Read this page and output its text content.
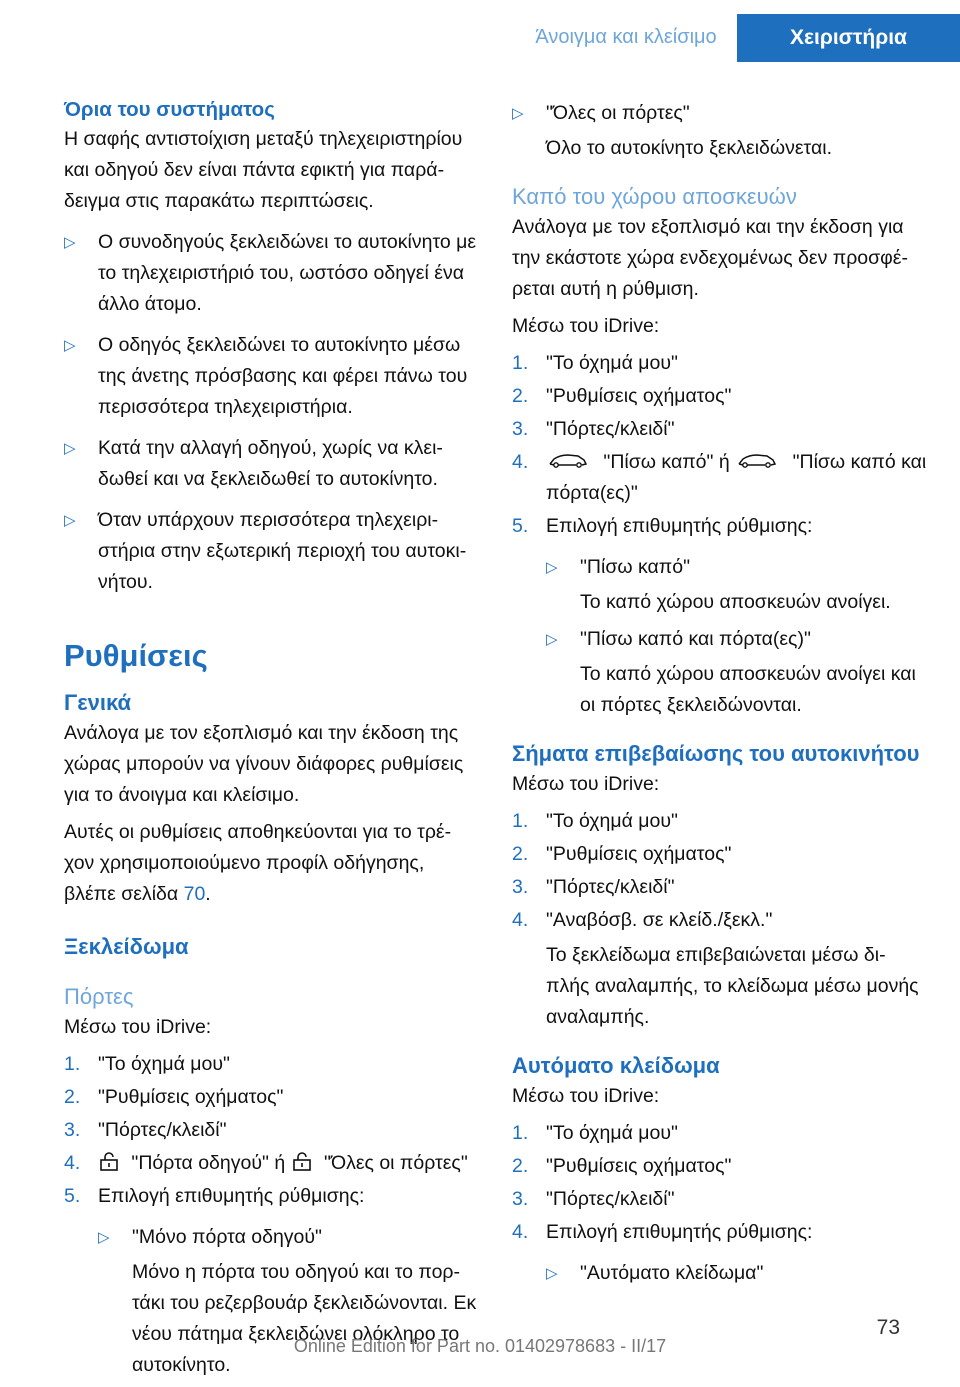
Άνοιγμα και κλείσιμο	Χειριστήρια
Όρια του συστήματος

Η σαφής αντιστοίχιση μεταξύ τηλεχειριστηρίου και οδηγού δεν είναι πάντα εφικτή για παρά- δειγμα στις παρακάτω περιπτώσεις.

▷	Ο συνοδηγούς ξεκλειδώνει το αυτοκίνητο με το τηλεχειριστήριό του, ωστόσο οδηγεί ένα άλλο άτομο.
▷	Ο οδηγός ξεκλειδώνει το αυτοκίνητο μέσω της άνετης πρόσβασης και φέρει πάνω του περισσότερα τηλεχειριστήρια.
▷	Κατά την αλλαγή οδηγού, χωρίς να κλει- δωθεί και να ξεκλειδωθεί το αυτοκίνητο.
▷	Όταν υπάρχουν περισσότερα τηλεχειρι- στήρια στην εξωτερική περιοχή του αυτοκι- νήτου.
Ρυθμίσεις
Γενικά

Ανάλογα με τον εξοπλισμό και την έκδοση της χώρας μπορούν να γίνουν διάφορες ρυθμίσεις για το άνοιγμα και κλείσιμο.

Αυτές οι ρυθμίσεις αποθηκεύονται για το τρέ- χον χρησιμοποιούμενο προφίλ οδήγησης, βλέπε σελίδα 70.

Ξεκλείδωμα
Πόρτες

Μέσω του iDrive:

1. "Το όχημά μου"
2. "Ρυθμίσεις οχήματος"
3. "Πόρτες/κλειδί"
4.	"Πόρτα οδηγού" ή "Όλες οι πόρτες"
5. Επιλογή επιθυμητής ρύθμισης:
▷	"Μόνο πόρτα οδηγού"

Μόνο η πόρτα του οδηγού και το πορ- τάκι του ρεζερβουάρ ξεκλειδώνονται. Εκ νέου πάτημα ξεκλειδώνει ολόκληρο το αυτοκίνητο.

▷	"Όλες οι πόρτες"

Όλο το αυτοκίνητο ξεκλειδώνεται.

Καπό του χώρου αποσκευών

Ανάλογα με τον εξοπλισμό και την έκδοση για την εκάστοτε χώρα ενδεχομένως δεν προσφέ- ρεται αυτή η ρύθμιση.

Μέσω του iDrive:

1. "Το όχημά μου"
2. "Ρυθμίσεις οχήματος"
3. "Πόρτες/κλειδί"
4.	"Πίσω καπό" ή	"Πίσω καπό και πόρτα(ες)"
5. Επιλογή επιθυμητής ρύθμισης:
▷	"Πίσω καπό"

Το καπό χώρου αποσκευών ανοίγει.

▷	"Πίσω καπό και πόρτα(ες)"

Το καπό χώρου αποσκευών ανοίγει και οι πόρτες ξεκλειδώνονται.

Σήματα επιβεβαίωσης του αυτοκινήτου

Μέσω του iDrive:

1. "Το όχημά μου"
2. "Ρυθμίσεις οχήματος"
3. "Πόρτες/κλειδί"
4. "Αναβόσβ. σε κλείδ./ξεκλ."

Το ξεκλείδωμα επιβεβαιώνεται μέσω δι- πλής αναλαμπής, το κλείδωμα μέσω μονής αναλαμπής.

Αυτόματο κλείδωμα

Μέσω του iDrive:

1. "Το όχημά μου"
2. "Ρυθμίσεις οχήματος"
3. "Πόρτες/κλειδί"
4. Επιλογή επιθυμητής ρύθμισης:
▷	"Αυτόματο κλείδωμα"
73
Online Edition for Part no. 01402978683 - II/17
